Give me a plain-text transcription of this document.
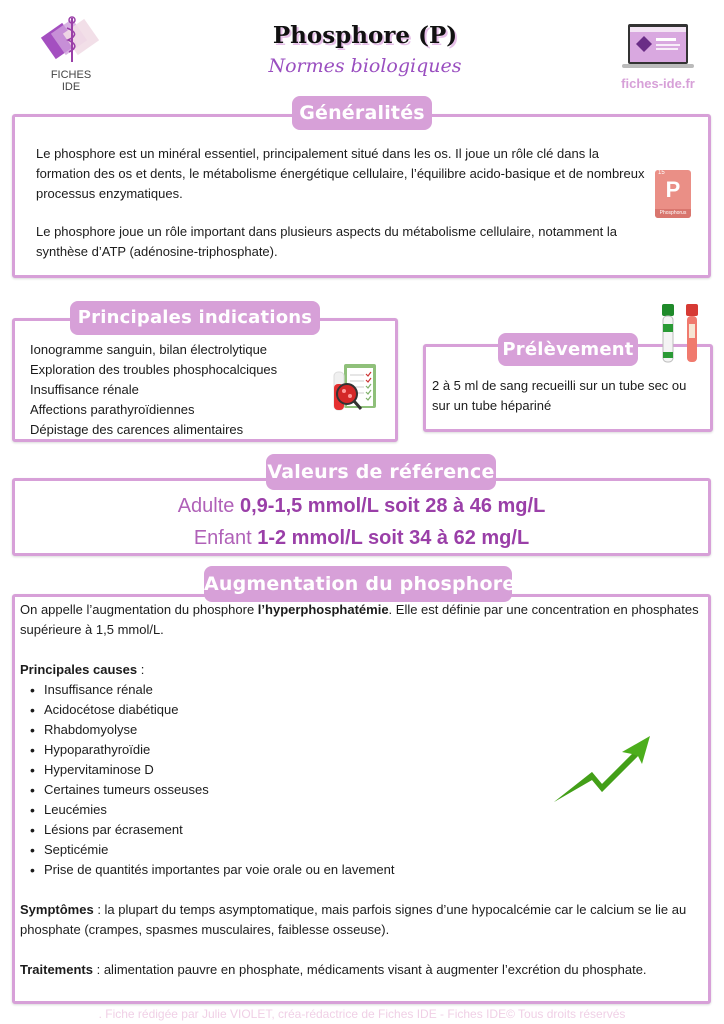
FICHES
IDE
Phosphore (P)
Normes biologiques
fiches-ide.fr
Généralités

Le phosphore est un minéral essentiel, principalement situé dans les os. Il joue un rôle clé dans la formation des os et dents, le métabolisme énergétique cellulaire, l’équilibre acido-basique et de nombreux processus enzymatiques.

Le phosphore joue un rôle important dans plusieurs aspects du métabolisme cellulaire, notamment la synthèse d’ATP (adénosine-triphosphate).

15
P
Phosphorus
Principales indications
Ionogramme sanguin, bilan électrolytique
Exploration des troubles phosphocalciques
Insuffisance rénale
Affections parathyroïdiennes
Dépistage des carences alimentaires
Prélèvement
2 à 5 ml de sang recueilli sur un tube sec ou sur un tube hépariné
Valeurs de référence
Adulte 0,9-1,5 mmol/L soit 28 à 46 mg/L
Enfant 1-2 mmol/L soit 34 à 62 mg/L
Augmentation du phosphore
On appelle l’augmentation du phosphore l’hyperphosphatémie. Elle est définie par une concentration en phosphates supérieure à 1,5 mmol/L.
Principales causes :
• Insuffisance rénale
• Acidocétose diabétique
• Rhabdomyolyse
• Hypoparathyroïdie
• Hypervitaminose D
• Certaines tumeurs osseuses
• Leucémies
• Lésions par écrasement
• Septicémie
• Prise de quantités importantes par voie orale ou en lavement
Symptômes : la plupart du temps asymptomatique, mais parfois signes d’une hypocalcémie car le calcium se lie au phosphate (crampes, spasmes musculaires, faiblesse osseuse).
Traitements : alimentation pauvre en phosphate, médicaments visant à augmenter l’excrétion du phosphate.
. Fiche rédigée par Julie VIOLET, créa-rédactrice de Fiches IDE - Fiches IDE© Tous droits réservés
